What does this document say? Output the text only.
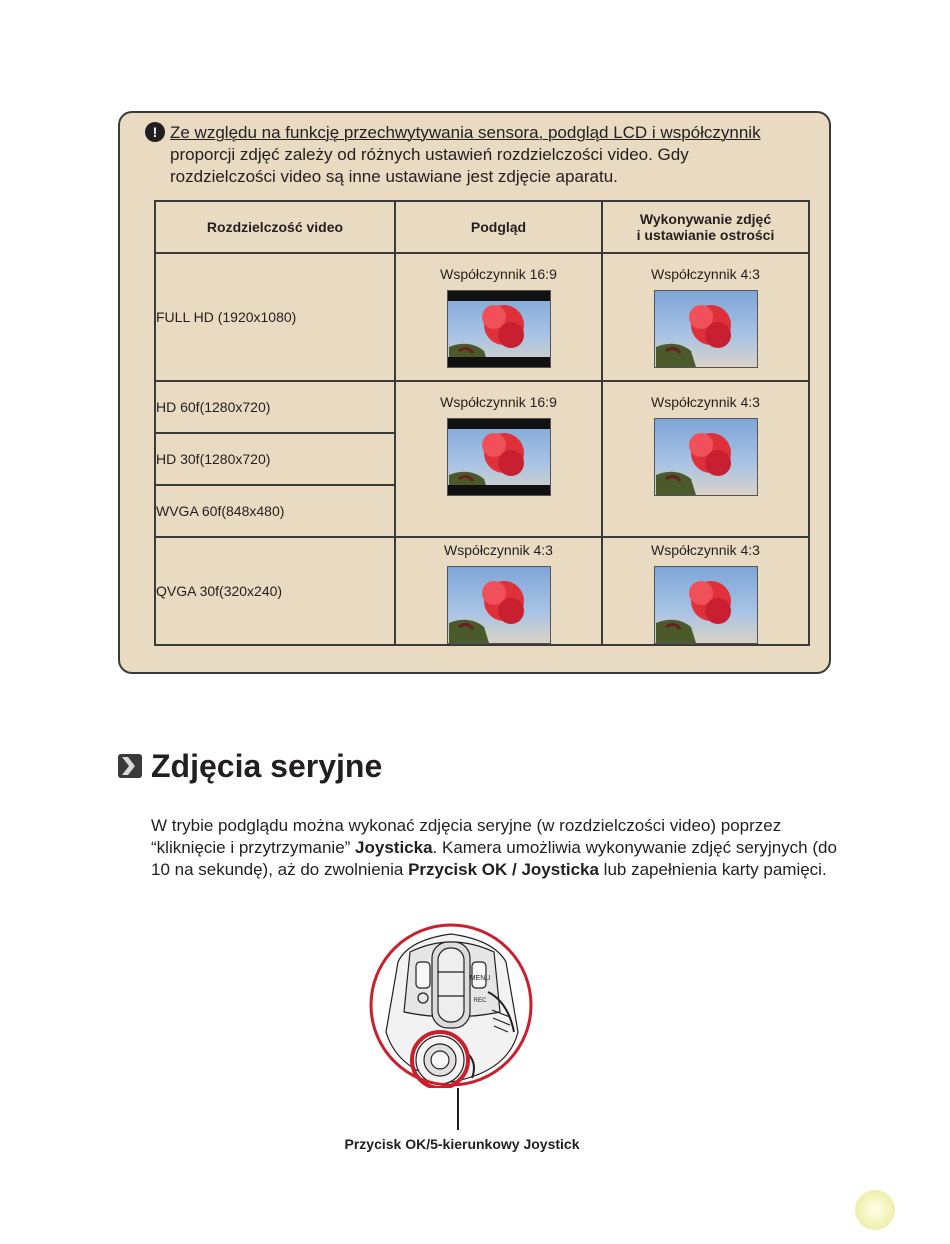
! Ze względu na funkcję przechwytywania sensora, podgląd LCD i współczynnik
proporcji zdjęć zależy od różnych ustawień rozdzielczości video. Gdy
rozdzielczości video są inne ustawiane jest zdjęcie aparatu.
Rozdzielczość video	Podgląd	Wykonywanie zdjęć
i ustawianie ostrości
FULL HD (1920x1080)	Współczynnik 16:9	Współczynnik 4:3

HD 60f(1280x720)	Współczynnik 16:9	Współczynnik 4:3

HD 30f(1280x720)		
WVGA 60f(848x480)		
QVGA 30f(320x240)	Współczynnik 4:3	Współczynnik 4:3
Zdjęcia seryjne
W trybie podglądu można wykonać zdjęcia seryjne (w rozdzielczości video) poprzez “kliknięcie i przytrzymanie” Joysticka. Kamera umożliwia wykonywanie zdjęć seryjnych (do 10 na sekundę), aż do zwolnienia Przycisk OK / Joysticka lub zapełnienia karty pamięci.
MENU
REC
Przycisk OK/5-kierunkowy Joystick
